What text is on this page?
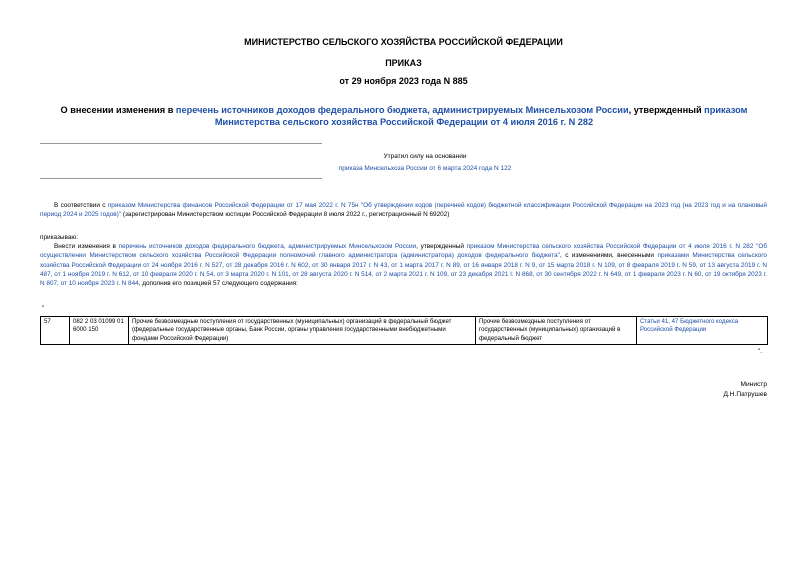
МИНИСТЕРСТВО СЕЛЬСКОГО ХОЗЯЙСТВА РОССИЙСКОЙ ФЕДЕРАЦИИ
ПРИКАЗ
от 29 ноября 2023 года N 885
О внесении изменения в перечень источников доходов федерального бюджета, администрируемых Минсельхозом России, утвержденный приказом Министерства сельского хозяйства Российской Федерации от 4 июля 2016 г. N 282
Утратил силу на основании
приказа Минсельхоза России от 6 марта 2024 года N 122
В соответствии с приказом Министерства финансов Российской Федерации от 17 мая 2022 г. N 75н "Об утверждении кодов (перечней кодов) бюджетной классификации Российской Федерации на 2023 год (на 2023 год и на плановый период 2024 и 2025 годов)" (зарегистрирован Министерством юстиции Российской Федерации 8 июля 2022 г., регистрационный N 69202)
приказываю:
Внести изменения в перечень источников доходов федерального бюджета, администрируемых Минсельхозом России, утвержденный приказом Министерства сельского хозяйства Российской Федерации от 4 июля 2016 г. N 282 "Об осуществлении Министерством сельского хозяйства Российской Федерации полномочий главного администратора (администратора) доходов федерального бюджета", с изменениями, внесенными приказами Министерства сельского хозяйства Российской Федерации от 24 ноября 2016 г. N 527, от 28 декабря 2016 г. N 602, от 30 января 2017 г. N 43, от 1 марта 2017 г. N 89, от 16 января 2018 г. N 9, от 15 марта 2018 г. N 109, от 8 февраля 2019 г. N 59, от 13 августа 2019 г. N 487, от 1 ноября 2019 г. N 612, от 10 февраля 2020 г. N 54, от 3 марта 2020 г. N 101, от 28 августа 2020 г. N 514, от 2 марта 2021 г. N 109, от 23 декабря 2021 г. N 868, от 30 сентября 2022 г. N 649, от 1 февраля 2023 г. N 60, от 19 октября 2023 г. N 807, от 10 ноября 2023 г. N 844, дополнив его позицией 57 следующего содержания:
"
57	082 2 03 01099 01 6000 150	Прочие безвозмездные поступления от государственных (муниципальных) организаций в федеральный бюджет (федеральные государственные органы, Банк России, органы управления государственными внебюджетными фондами Российской Федерации)	Прочие безвозмездные поступления от государственных (муниципальных) организаций в федеральный бюджет	Статьи 41, 47 Бюджетного кодекса Российской Федерации
".
Министр
Д.Н.Патрушев
